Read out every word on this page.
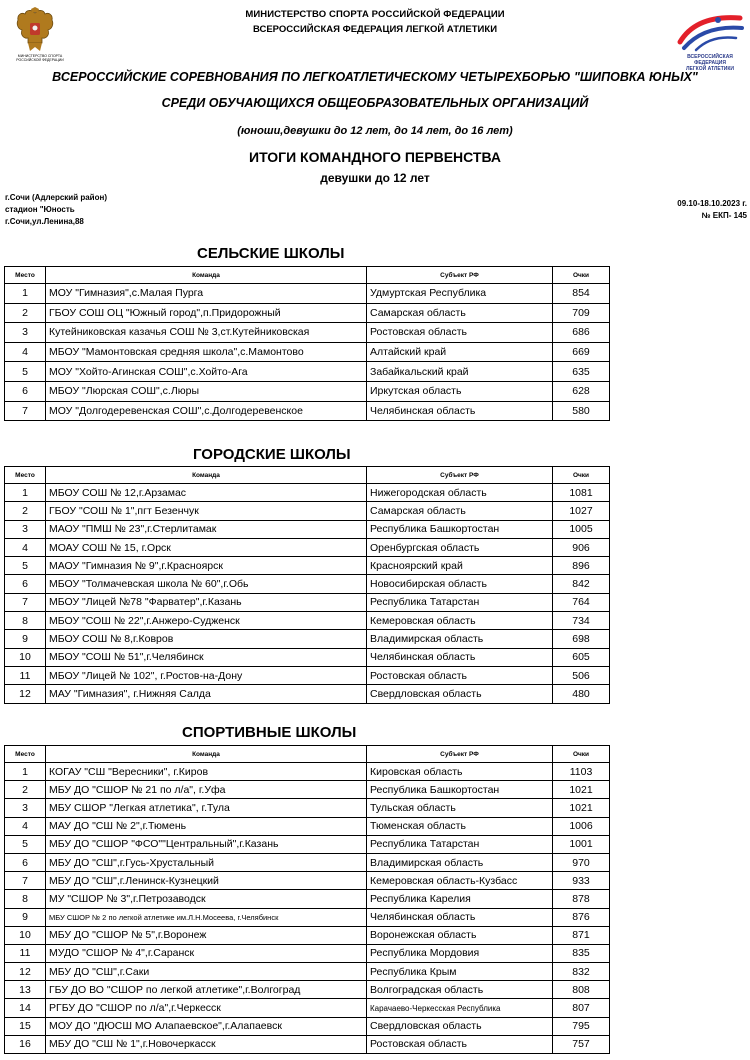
МИНИСТЕРСТВО СПОРТА РОССИЙСКОЙ ФЕДЕРАЦИИ
МИНИСТЕРСТВО СПОРТА РОССИЙСКОЙ ФЕДЕРАЦИИ
ВСЕРОССИЙСКАЯ ФЕДЕРАЦИЯ ЛЕГКОЙ АТЛЕТИКИ
ВСЕРОССИЙСКАЯ ФЕДЕРАЦИЯ
ЛЕГКОЙ АТЛЕТИКИ
ВСЕРОССИЙСКИЕ СОРЕВНОВАНИЯ ПО ЛЕГКОАТЛЕТИЧЕСКОМУ ЧЕТЫРЕХБОРЬЮ "ШИПОВКА ЮНЫХ"
СРЕДИ ОБУЧАЮЩИХСЯ ОБЩЕОБРАЗОВАТЕЛЬНЫХ ОРГАНИЗАЦИЙ
(юноши,девушки до 12 лет, до 14 лет, до 16 лет)
ИТОГИ КОМАНДНОГО ПЕРВЕНСТВА
девушки до 12 лет
г.Сочи (Адлерский район)
стадион "Юность
г.Сочи,ул.Ленина,88
09.10-18.10.2023 г.
№ ЕКП- 145
СЕЛЬСКИЕ ШКОЛЫ
Место	Команда	Субъект РФ	Очки
1	МОУ "Гимназия",с.Малая Пурга	Удмуртская Республика	854
2	ГБОУ СОШ ОЦ "Южный город",п.Придорожный	Самарская область	709
3	Кутейниковская казачья СОШ № 3,ст.Кутейниковская	Ростовская область	686
4	МБОУ "Мамонтовская средняя школа",с.Мамонтово	Алтайский край	669
5	МОУ "Хойто-Агинская СОШ",с.Хойто-Ага	Забайкальский край	635
6	МБОУ "Люрская СОШ",с.Люры	Иркутская область	628
7	МОУ "Долгодеревенская СОШ",с.Долгодеревенское	Челябинская область	580
ГОРОДСКИЕ ШКОЛЫ
Место	Команда	Субъект РФ	Очки
1	МБОУ СОШ № 12,г.Арзамас	Нижегородская область	1081
2	ГБОУ "СОШ № 1",пгт Безенчук	Самарская область	1027
3	МАОУ "ПМШ № 23",г.Стерлитамак	Республика Башкортостан	1005
4	МОАУ СОШ № 15, г.Орск	Оренбургская область	906
5	МАОУ "Гимназия № 9",г.Красноярск	Красноярский край	896
6	МБОУ "Толмачевская школа № 60",г.Обь	Новосибирская область	842
7	МБОУ "Лицей №78 "Фарватер",г.Казань	Республика Татарстан	764
8	МБОУ "СОШ № 22",г.Анжеро-Судженск	Кемеровская область	734
9	МБОУ СОШ № 8,г.Ковров	Владимирская область	698
10	МБОУ "СОШ № 51",г.Челябинск	Челябинская область	605
11	МБОУ "Лицей № 102", г.Ростов-на-Дону	Ростовская область	506
12	МАУ "Гимназия", г.Нижняя Салда	Свердловская область	480
СПОРТИВНЫЕ ШКОЛЫ
Место	Команда	Субъект РФ	Очки
1	КОГАУ "СШ "Вересники", г.Киров	Кировская область	1103
2	МБУ ДО "СШОР № 21 по л/а", г.Уфа	Республика Башкортостан	1021
3	МБУ СШОР "Легкая атлетика", г.Тула	Тульская область	1021
4	МАУ ДО "СШ № 2",г.Тюмень	Тюменская область	1006
5	МБУ ДО "СШОР "ФСО""Центральный",г.Казань	Республика Татарстан	1001
6	МБУ ДО "СШ",г.Гусь-Хрустальный	Владимирская область	970
7	МБУ ДО "СШ",г.Ленинск-Кузнецкий	Кемеровская область-Кузбасс	933
8	МУ "СШОР № 3",г.Петрозаводск	Республика Карелия	878
9	МБУ СШОР № 2 по легкой атлетике им.Л.Н.Мосеева, г.Челябинск	Челябинская область	876
10	МБУ ДО "СШОР № 5",г.Воронеж	Воронежская область	871
11	МУДО "СШОР № 4",г.Саранск	Республика Мордовия	835
12	МБУ ДО "СШ",г.Саки	Республика Крым	832
13	ГБУ ДО ВО "СШОР по легкой атлетике",г.Волгоград	Волгоградская область	808
14	РГБУ ДО "СШОР по л/а",г.Черкесск	Карачаево-Черкесская Республика	807
15	МОУ ДО "ДЮСШ МО Алапаевское",г.Алапаевск	Свердловская область	795
16	МБУ ДО "СШ № 1",г.Новочеркасск	Ростовская область	757
